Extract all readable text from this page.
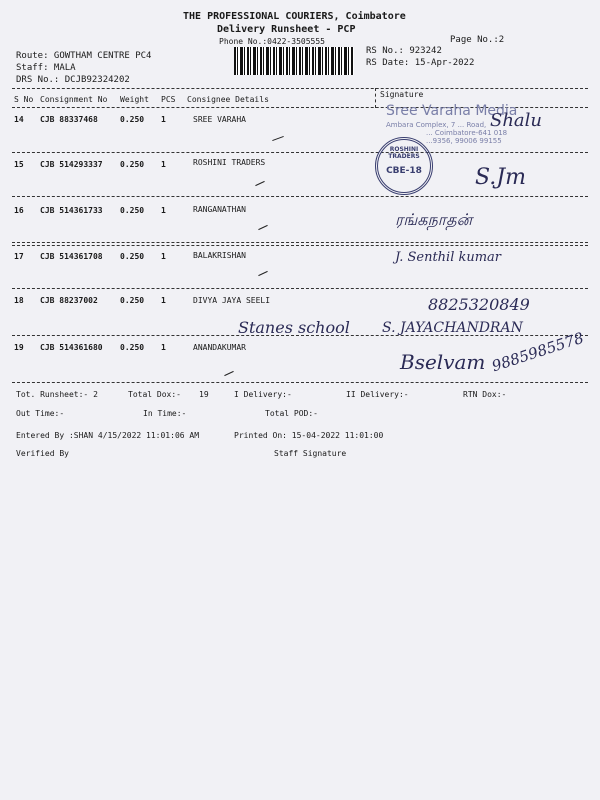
THE PROFESSIONAL COURIERS, Coimbatore
Delivery Runsheet - PCP
Phone No.:0422-3505555	Page No.:2
Route: GOWTHAM CENTRE PC4
Staff: MALA
DRS No.: DCJB92324202
RS No.: 923242
RS Date: 15-Apr-2022
S No Consignment No Weight PCS Consignee Details
Signature
14 CJB 88337468	0.250 1	SREE VARAHA
15 CJB 514293337 0.250 1	ROSHINI TRADERS
16 CJB 514361733 0.250 1	RANGANATHAN
17 CJB 514361708 0.250 1	BALAKRISHAN
18 CJB 88237002	0.250 1	DIVYA JAYA SEELI
19 CJB 514361680 0.250 1	ANANDAKUMAR
Sree Varaha Media
Ambara Complex, 7 ... Road,
... Coimbatore-641 018
...9356, 99006 99155
Shalu
ROSHINI TRADERS
CBE-18	S.Jm
ரங்கநாதன்
J. Senthil kumar
8825320849
Stanes school S. JAYACHANDRAN
Bselvam 9885985578
Tot. Runsheet:- 2	Total Dox:- 19	I Delivery:-	II Delivery:-	RTN Dox:-
Out Time:-	In Time:-	Total POD:-
Entered By :SHAN 4/15/2022 11:01:06 AM	Printed On: 15-04-2022 11:01:00
Verified By	Staff Signature
